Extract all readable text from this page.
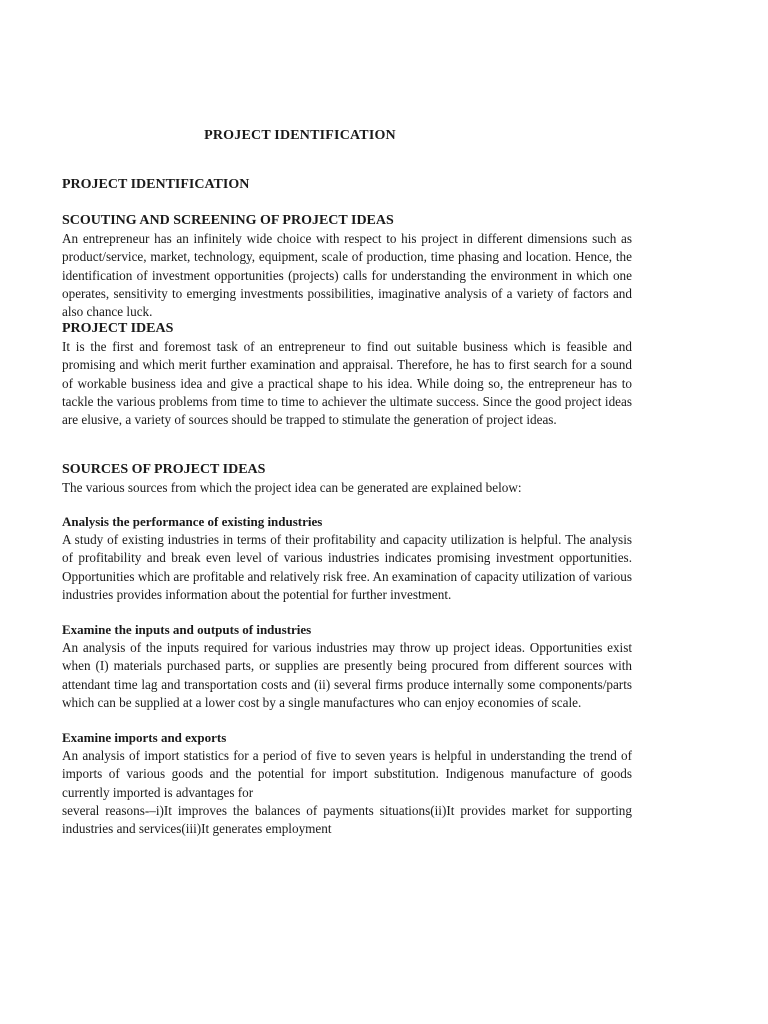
PROJECT IDENTIFICATION

PROJECT IDENTIFICATION

SCOUTING AND SCREENING OF PROJECT IDEAS

An entrepreneur has an infinitely wide choice with respect to his project in different dimensions such as product/service, market, technology, equipment, scale of production, time phasing and location. Hence, the identification of investment opportunities (projects) calls for understanding the environment in which one operates, sensitivity to emerging investments possibilities, imaginative analysis of a variety of factors and also chance luck.

PROJECT IDEAS

It is the first and foremost task of an entrepreneur to find out suitable business which is feasible and promising and which merit further examination and appraisal. Therefore, he has to first search for a sound of workable business idea and give a practical shape to his idea. While doing so, the entrepreneur has to tackle the various problems from time to time to achiever the ultimate success. Since the good project ideas are elusive, a variety of sources should be trapped to stimulate the generation of project ideas.

SOURCES OF PROJECT IDEAS

The various sources from which the project idea can be generated are explained below:

Analysis the performance of existing industries

A study of existing industries in terms of their profitability and capacity utilization is helpful. The analysis of profitability and break even level of various industries indicates promising investment opportunities. Opportunities which are profitable and relatively risk free. An examination of capacity utilization of various industries provides information about the potential for further investment.

Examine the inputs and outputs of industries

An analysis of the inputs required for various industries may throw up project ideas. Opportunities exist when (I) materials purchased parts, or supplies are presently being procured from different sources with attendant time lag and transportation costs and (ii) several firms produce internally some components/parts which can be supplied at a lower cost by a single manufactures who can enjoy economies of scale.

Examine imports and exports

An analysis of import statistics for a period of five to seven years is helpful in understanding the trend of imports of various goods and the potential for import substitution. Indigenous manufacture of goods currently imported is advantages for

several reasons-–i)It improves the balances of payments situations(ii)It provides market for supporting industries and services(iii)It generates employment
